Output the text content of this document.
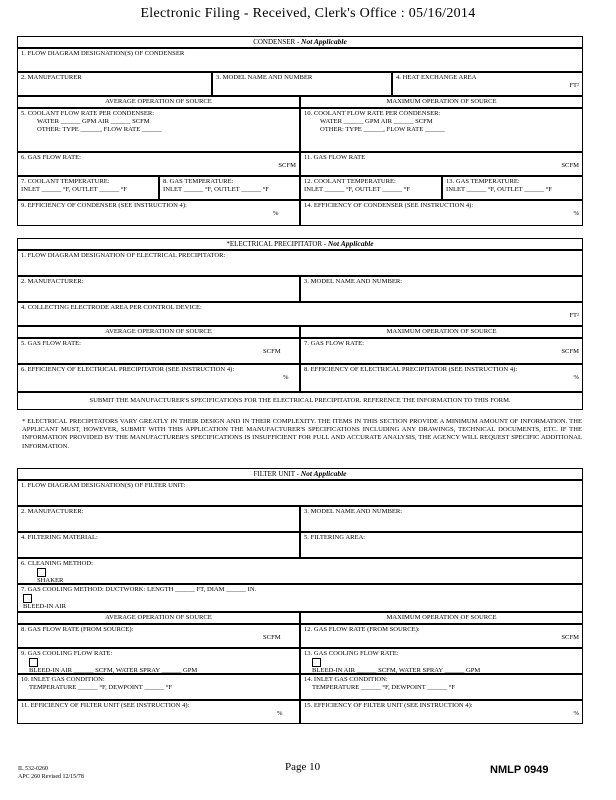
Electronic Filing - Received, Clerk's Office : 05/16/2014
CONDENSER - Not Applicable
1. FLOW DIAGRAM DESIGNATION(S) OF CONDENSER
2. MANUFACTURER	3. MODEL NAME AND NUMBER	4. HEAT EXCHANGE AREA
FT²
AVERAGE OPERATION OF SOURCE	MAXIMUM OPERATION OF SOURCE
5. COOLANT FLOW RATE PER CONDENSER:
WATER ______ GPM AIR ______ SCFM
OTHER: TYPE ______, FLOW RATE ______
10. COOLANT FLOW RATE PER CONDENSER:
WATER ______ GPM AIR ______ SCFM
OTHER: TYPE ______, FLOW RATE ______
6. GAS FLOW RATE:
SCFM
11. GAS FLOW RATE
SCFM
7. COOLANT TEMPERATURE:
INLET ______ °F, OUTLET ______ °F
8. GAS TEMPERATURE:
INLET ______ °F, OUTLET ______ °F
12. COOLANT TEMPERATURE:
INLET ______ °F, OUTLET ______ °F
13. GAS TEMPERATURE:
INLET ______ °F, OUTLET ______ °F
9. EFFICIENCY OF CONDENSER (SEE INSTRUCTION 4):
%
14. EFFICIENCY OF CONDENSER (SEE INSTRUCTION 4):
%
*ELECTRICAL PRECIPITATOR - Not Applicable
1. FLOW DIAGRAM DESIGNATION OF ELECTRICAL PRECIPITATOR:
2. MANUFACTURER:	3. MODEL NAME AND NUMBER:
4. COLLECTING ELECTRODE AREA PER CONTROL DEVICE:
FT²
AVERAGE OPERATION OF SOURCE	MAXIMUM OPERATION OF SOURCE
5. GAS FLOW RATE:
SCFM
7. GAS FLOW RATE:
SCFM
6. EFFICIENCY OF ELECTRICAL PRECIPITATOR (SEE INSTRUCTION 4):
%
8. EFFICIENCY OF ELECTRICAL PRECIPITATOR (SEE INSTRUCTION 4):
%
SUBMIT THE MANUFACTURER'S SPECIFICATIONS FOR THE ELECTRICAL PRECIPITATOR. REFERENCE THE INFORMATION TO THIS FORM.
* ELECTRICAL PRECIPITATORS VARY GREATLY IN THEIR DESIGN AND IN THEIR COMPLEXITY. THE ITEMS IN THIS SECTION PROVIDE A MINIMUM AMOUNT OF INFORMATION. THE APPLICANT MUST, HOWEVER, SUBMIT WITH THIS APPLICATION THE MANUFACTURER'S SPECIFICATIONS INCLUDING ANY DRAWINGS, TECHNICAL DOCUMENTS, ETC. IF THE INFORMATION PROVIDED BY THE MANUFACTURER'S SPECIFICATIONS IS INSUFFICIENT FOR FULL AND ACCURATE ANALYSIS, THE AGENCY WILL REQUEST SPECIFIC ADDITIONAL INFORMATION.
FILTER UNIT - Not Applicable
1. FLOW DIAGRAM DESIGNATION(S) OF FILTER UNIT:
2. MANUFACTURER:	3. MODEL NAME AND NUMBER:
4. FILTERING MATERIAL:	5. FILTERING AREA:
6. CLEANING METHOD:
SHAKER
7. GAS COOLING METHOD: DUCTWORK: LENGTH ______ FT, DIAM ______ IN.
BLEED-IN AIR
AVERAGE OPERATION OF SOURCE	MAXIMUM OPERATION OF SOURCE
8. GAS FLOW RATE (FROM SOURCE):
SCFM
12. GAS FLOW RATE (FROM SOURCE):
SCFM
9. GAS COOLING FLOW RATE:
BLEED-IN AIR ______ SCFM, WATER SPRAY ______ GPM
13. GAS COOLING FLOW RATE:
BLEED-IN AIR ______ SCFM, WATER SPRAY ______ GPM
10. INLET GAS CONDITION:
TEMPERATURE ______ °F, DEWPOINT ______ °F
14. INLET GAS CONDITION:
TEMPERATURE ______ °F, DEWPOINT ______ °F
11. EFFICIENCY OF FILTER UNIT (SEE INSTRUCTION 4):
%
15. EFFICIENCY OF FILTER UNIT (SEE INSTRUCTION 4):
%
IL 532-0260
APC 260 Revised 12/15/78
Page 10	NMLP 0949
